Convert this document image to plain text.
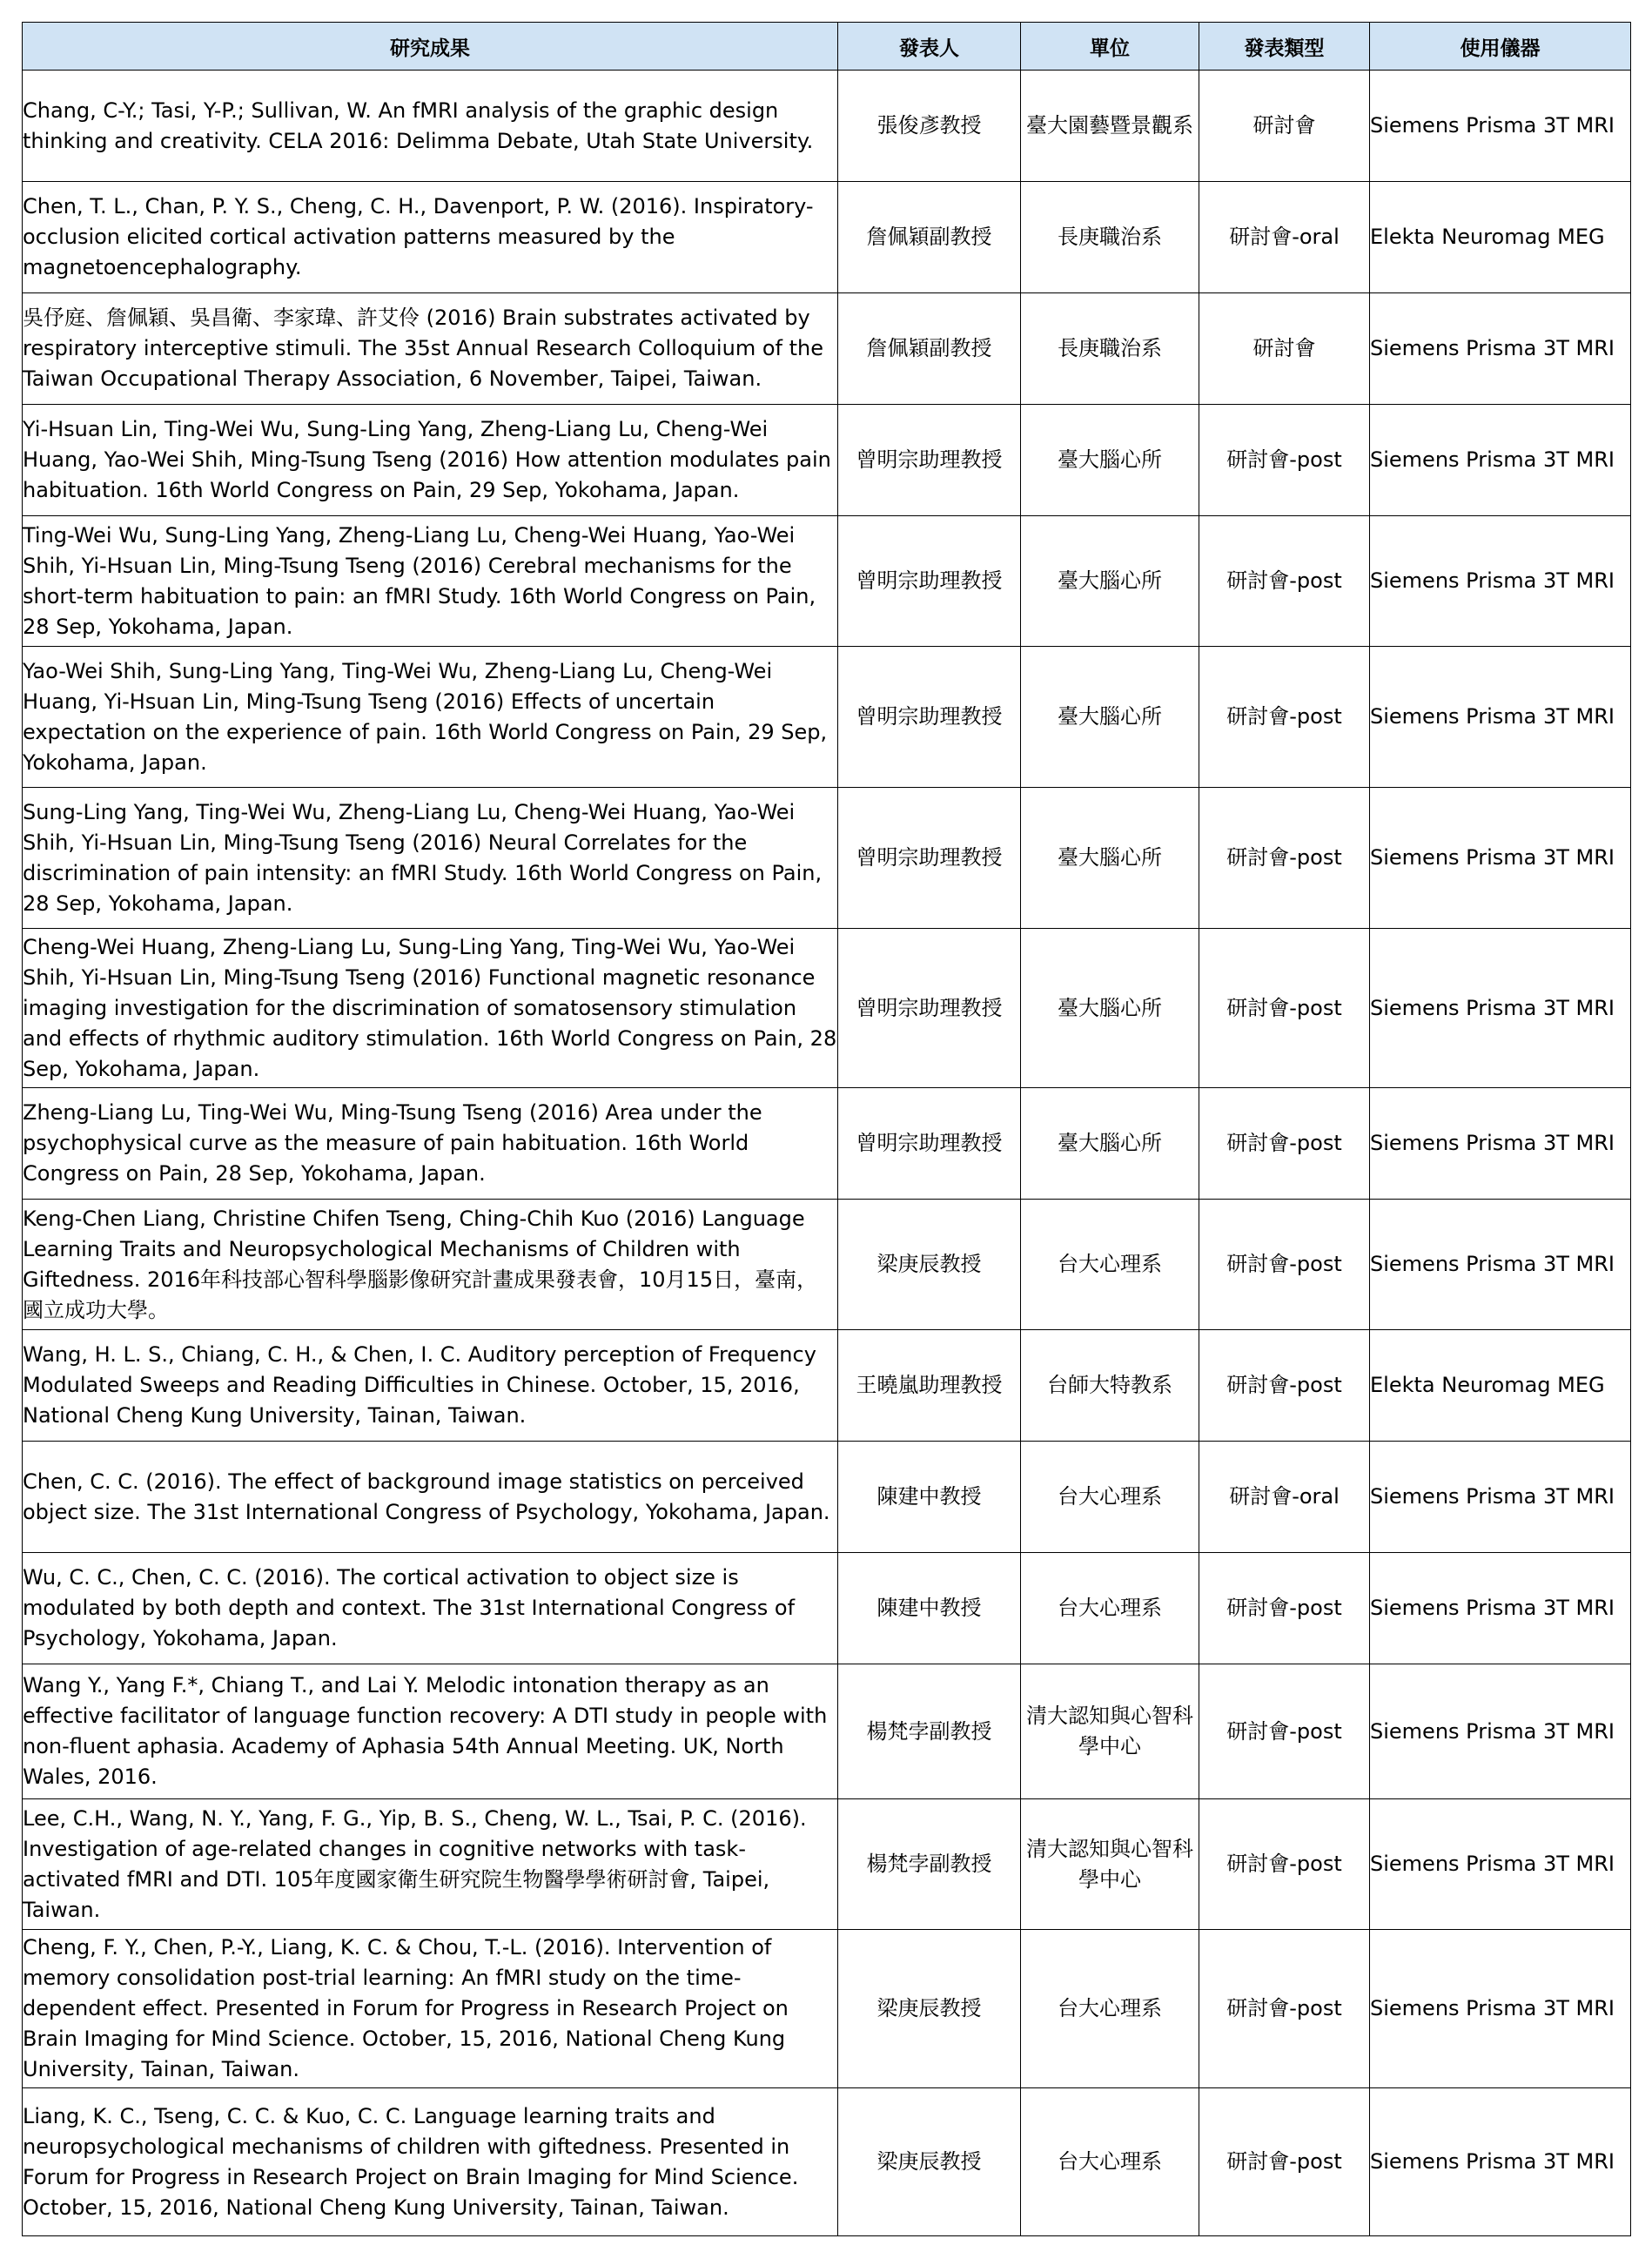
研究成果	發表人	單位	發表類型	使用儀器
Chang, C-Y.; Tasi, Y-P.; Sullivan, W. An fMRI analysis of the graphic design thinking and creativity. CELA 2016: Delimma Debate, Utah State University.	張俊彥教授	臺大園藝暨景觀系	研討會	Siemens Prisma 3T MRI
Chen, T. L., Chan, P. Y. S., Cheng, C. H., Davenport, P. W. (2016). Inspiratory-occlusion elicited cortical activation patterns measured by the magnetoencephalography.	詹佩穎副教授	長庚職治系	研討會-oral	Elekta Neuromag MEG
吳伃庭、詹佩穎、吳昌衛、李家瑋、許艾伶 (2016) Brain substrates activated by respiratory interceptive stimuli. The 35st Annual Research Colloquium of the Taiwan Occupational Therapy Association, 6 November, Taipei, Taiwan.	詹佩穎副教授	長庚職治系	研討會	Siemens Prisma 3T MRI
Yi-Hsuan Lin, Ting-Wei Wu, Sung-Ling Yang, Zheng-Liang Lu, Cheng-Wei Huang, Yao-Wei Shih, Ming-Tsung Tseng (2016) How attention modulates pain habituation. 16th World Congress on Pain, 29 Sep, Yokohama, Japan.	曾明宗助理教授	臺大腦心所	研討會-post	Siemens Prisma 3T MRI
Ting-Wei Wu, Sung-Ling Yang, Zheng-Liang Lu, Cheng-Wei Huang, Yao-Wei Shih, Yi-Hsuan Lin, Ming-Tsung Tseng (2016) Cerebral mechanisms for the short-term habituation to pain: an fMRI Study. 16th World Congress on Pain, 28 Sep, Yokohama, Japan.	曾明宗助理教授	臺大腦心所	研討會-post	Siemens Prisma 3T MRI
Yao-Wei Shih, Sung-Ling Yang, Ting-Wei Wu, Zheng-Liang Lu, Cheng-Wei Huang, Yi-Hsuan Lin, Ming-Tsung Tseng (2016) Effects of uncertain expectation on the experience of pain. 16th World Congress on Pain, 29 Sep, Yokohama, Japan.	曾明宗助理教授	臺大腦心所	研討會-post	Siemens Prisma 3T MRI
Sung-Ling Yang, Ting-Wei Wu, Zheng-Liang Lu, Cheng-Wei Huang, Yao-Wei Shih, Yi-Hsuan Lin, Ming-Tsung Tseng (2016) Neural Correlates for the discrimination of pain intensity: an fMRI Study. 16th World Congress on Pain, 28 Sep, Yokohama, Japan.	曾明宗助理教授	臺大腦心所	研討會-post	Siemens Prisma 3T MRI
Cheng-Wei Huang, Zheng-Liang Lu, Sung-Ling Yang, Ting-Wei Wu, Yao-Wei Shih, Yi-Hsuan Lin, Ming-Tsung Tseng (2016) Functional magnetic resonance imaging investigation for the discrimination of somatosensory stimulation and effects of rhythmic auditory stimulation. 16th World Congress on Pain, 28 Sep, Yokohama, Japan.	曾明宗助理教授	臺大腦心所	研討會-post	Siemens Prisma 3T MRI
Zheng-Liang Lu, Ting-Wei Wu, Ming-Tsung Tseng (2016) Area under the psychophysical curve as the measure of pain habituation. 16th World Congress on Pain, 28 Sep, Yokohama, Japan.	曾明宗助理教授	臺大腦心所	研討會-post	Siemens Prisma 3T MRI
Keng-Chen Liang, Christine Chifen Tseng, Ching-Chih Kuo (2016) Language Learning Traits and Neuropsychological Mechanisms of Children with Giftedness. 2016年科技部心智科學腦影像研究計畫成果發表會，10月15日，臺南，國立成功大學。	梁庚辰教授	台大心理系	研討會-post	Siemens Prisma 3T MRI
Wang, H. L. S., Chiang, C. H., & Chen, I. C. Auditory perception of Frequency Modulated Sweeps and Reading Difficulties in Chinese. October, 15, 2016, National Cheng Kung University, Tainan, Taiwan.	王曉嵐助理教授	台師大特教系	研討會-post	Elekta Neuromag MEG
Chen, C. C. (2016). The effect of background image statistics on perceived object size. The 31st International Congress of Psychology, Yokohama, Japan.	陳建中教授	台大心理系	研討會-oral	Siemens Prisma 3T MRI
Wu, C. C., Chen, C. C. (2016). The cortical activation to object size is modulated by both depth and context. The 31st International Congress of Psychology, Yokohama, Japan.	陳建中教授	台大心理系	研討會-post	Siemens Prisma 3T MRI
Wang Y., Yang F.*, Chiang T., and Lai Y. Melodic intonation therapy as an effective facilitator of language function recovery: A DTI study in people with non-fluent aphasia. Academy of Aphasia 54th Annual Meeting. UK, North Wales, 2016.	楊梵孛副教授	清大認知與心智科學中心	研討會-post	Siemens Prisma 3T MRI
Lee, C.H., Wang, N. Y., Yang, F. G., Yip, B. S., Cheng, W. L., Tsai, P. C. (2016). Investigation of age-related changes in cognitive networks with task-activated fMRI and DTI. 105年度國家衛生研究院生物醫學學術研討會, Taipei, Taiwan.	楊梵孛副教授	清大認知與心智科學中心	研討會-post	Siemens Prisma 3T MRI
Cheng, F. Y., Chen, P.-Y., Liang, K. C. & Chou, T.-L. (2016). Intervention of memory consolidation post-trial learning: An fMRI study on the time-dependent effect. Presented in Forum for Progress in Research Project on Brain Imaging for Mind Science. October, 15, 2016, National Cheng Kung University, Tainan, Taiwan.	梁庚辰教授	台大心理系	研討會-post	Siemens Prisma 3T MRI
Liang, K. C., Tseng, C. C. & Kuo, C. C. Language learning traits and neuropsychological mechanisms of children with giftedness. Presented in Forum for Progress in Research Project on Brain Imaging for Mind Science. October, 15, 2016, National Cheng Kung University, Tainan, Taiwan.	梁庚辰教授	台大心理系	研討會-post	Siemens Prisma 3T MRI
